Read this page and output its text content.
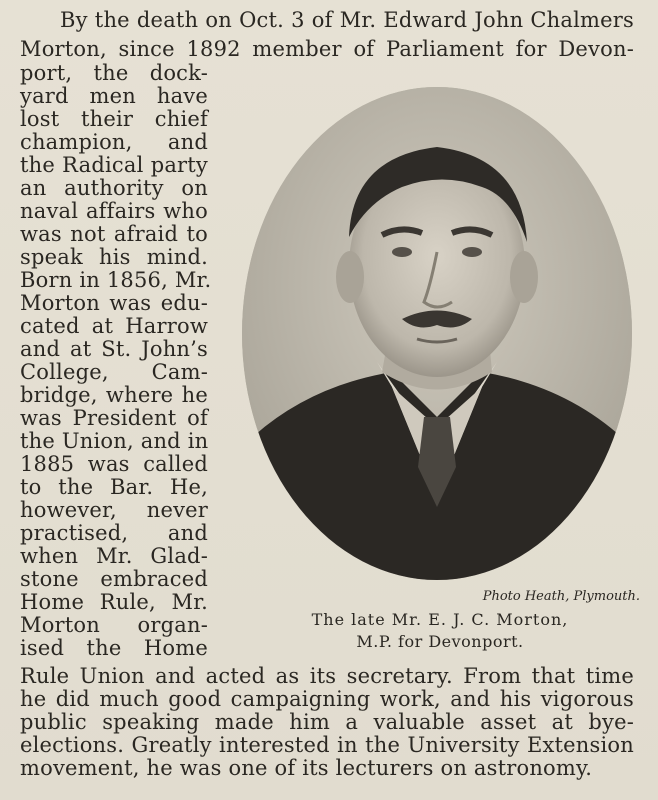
By the death on Oct. 3 of Mr. Edward John Chalmers
Morton, since 1892 member of Parliament for Devon-
port, the dock-
yard men have
lost their chief
champion, and
the Radical party
an authority on
naval affairs who
was not afraid to
speak his mind.
Born in 1856, Mr.
Morton was edu-
cated at Harrow
and at St. John’s
College, Cam-
bridge, where he
was President of
the Union, and in
1885 was called
to the Bar. He,
however, never
practised, and
when Mr. Glad-
stone embraced
Home Rule, Mr.
Morton organ-
ised the Home
Rule Union and acted as its secretary. From that time
he did much good campaigning work, and his vigorous
public speaking made him a valuable asset at bye-
elections. Greatly interested in the University Extension
movement, he was one of its lecturers on astronomy.
Photo Heath, Plymouth.
The late Mr. E. J. C. Morton,
M.P. for Devonport.
